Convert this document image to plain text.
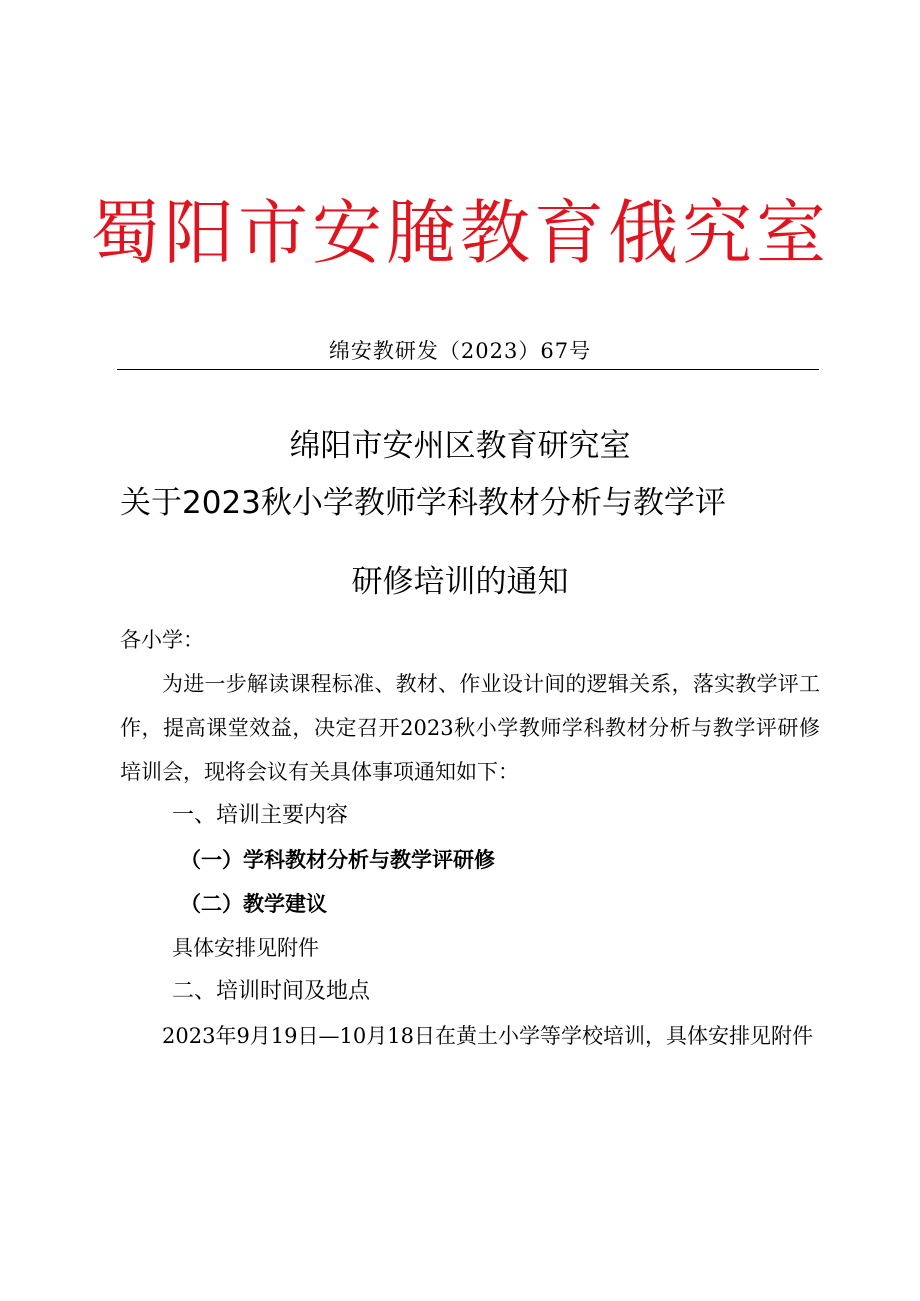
蜀阳市安腌教育俄究室
绵安教研发（2023）67号
绵阳市安州区教育研究室
关于2023秋小学教师学科教材分析与教学评
研修培训的通知
各小学：
为进一步解读课程标准、教材、作业设计间的逻辑关系，落实教学评工作，提高课堂效益，决定召开2023秋小学教师学科教材分析与教学评研修培训会，现将会议有关具体事项通知如下：
一、培训主要内容
（一）学科教材分析与教学评研修
（二）教学建议
具体安排见附件
二、培训时间及地点
2023年9月19日—10月18日在黄土小学等学校培训，具体安排见附件
